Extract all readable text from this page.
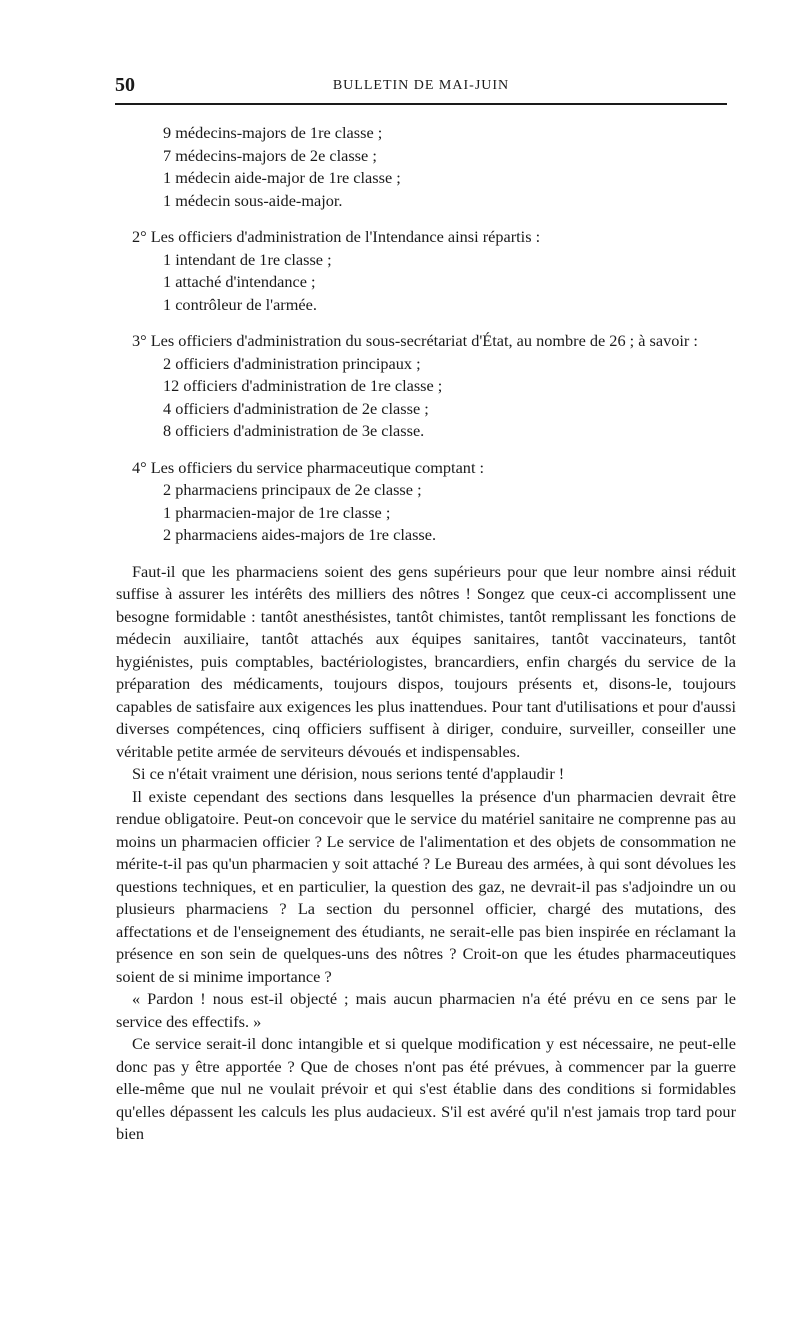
50	BULLETIN DE MAI-JUIN
9 médecins-majors de 1re classe ;
7 médecins-majors de 2e classe ;
1 médecin aide-major de 1re classe ;
1 médecin sous-aide-major.
2° Les officiers d'administration de l'Intendance ainsi répartis :
1 intendant de 1re classe ;
1 attaché d'intendance ;
1 contrôleur de l'armée.

3° Les officiers d'administration du sous-secrétariat d'État, au nombre de 26 ; à savoir :

2 officiers d'administration principaux ;
12 officiers d'administration de 1re classe ;
4 officiers d'administration de 2e classe ;
8 officiers d'administration de 3e classe.
4° Les officiers du service pharmaceutique comptant :
2 pharmaciens principaux de 2e classe ;
1 pharmacien-major de 1re classe ;
2 pharmaciens aides-majors de 1re classe.

Faut-il que les pharmaciens soient des gens supérieurs pour que leur nombre ainsi réduit suffise à assurer les intérêts des milliers des nôtres ! Songez que ceux-ci accomplissent une besogne formidable : tantôt anesthésistes, tantôt chimistes, tantôt remplissant les fonctions de médecin auxiliaire, tantôt attachés aux équipes sanitaires, tantôt vaccinateurs, tantôt hygiénistes, puis comptables, bactériologistes, brancardiers, enfin chargés du service de la préparation des médicaments, toujours dispos, toujours présents et, disons-le, toujours capables de satisfaire aux exigences les plus inattendues. Pour tant d'utilisations et pour d'aussi diverses compétences, cinq officiers suffisent à diriger, conduire, surveiller, conseiller une véritable petite armée de serviteurs dévoués et indispensables.

Si ce n'était vraiment une dérision, nous serions tenté d'applaudir !

Il existe cependant des sections dans lesquelles la présence d'un pharmacien devrait être rendue obligatoire. Peut-on concevoir que le service du matériel sanitaire ne comprenne pas au moins un pharmacien officier ? Le service de l'alimentation et des objets de consommation ne mérite-t-il pas qu'un pharmacien y soit attaché ? Le Bureau des armées, à qui sont dévolues les questions techniques, et en particulier, la question des gaz, ne devrait-il pas s'adjoindre un ou plusieurs pharmaciens ? La section du personnel officier, chargé des mutations, des affectations et de l'enseignement des étudiants, ne serait-elle pas bien inspirée en réclamant la présence en son sein de quelques-uns des nôtres ? Croit-on que les études pharmaceutiques soient de si minime importance ?

« Pardon ! nous est-il objecté ; mais aucun pharmacien n'a été prévu en ce sens par le service des effectifs. »

Ce service serait-il donc intangible et si quelque modification y est nécessaire, ne peut-elle donc pas y être apportée ? Que de choses n'ont pas été prévues, à commencer par la guerre elle-même que nul ne voulait prévoir et qui s'est établie dans des conditions si formidables qu'elles dépassent les calculs les plus audacieux. S'il est avéré qu'il n'est jamais trop tard pour bien
